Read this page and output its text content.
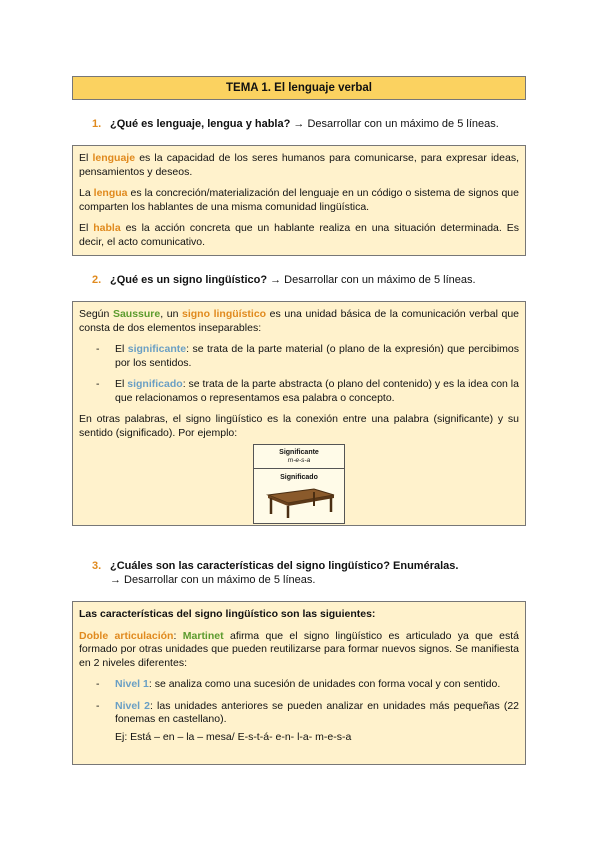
TEMA 1. El lenguaje verbal
1. ¿Qué es lenguaje, lengua y habla? → Desarrollar con un máximo de 5 líneas.

El lenguaje es la capacidad de los seres humanos para comunicarse, para expresar ideas, pensamientos y deseos.

La lengua es la concreción/materialización del lenguaje en un código o sistema de signos que comparten los hablantes de una misma comunidad lingüística.

El habla es la acción concreta que un hablante realiza en una situación determinada. Es decir, el acto comunicativo.

2. ¿Qué es un signo lingüístico? → Desarrollar con un máximo de 5 líneas.

Según Saussure, un signo lingüístico es una unidad básica de la comunicación verbal que consta de dos elementos inseparables:

- El significante: se trata de la parte material (o plano de la expresión) que percibimos por los sentidos.
- El significado: se trata de la parte abstracta (o plano del contenido) y es la idea con la que relacionamos o representamos esa palabra o concepto.

En otras palabras, el signo lingüístico es la conexión entre una palabra (significante) y su sentido (significado). Por ejemplo:

Significante
m-e-s-a
Significado
3. ¿Cuáles son las características del signo lingüístico? Enuméralas.
→ Desarrollar con un máximo de 5 líneas.

Las características del signo lingüístico son las siguientes:

Doble articulación: Martinet afirma que el signo lingüístico es articulado ya que está formado por otras unidades que pueden reutilizarse para formar nuevos signos. Se manifiesta en 2 niveles diferentes:

- Nivel 1: se analiza como una sucesión de unidades con forma vocal y con sentido.
- Nivel 2: las unidades anteriores se pueden analizar en unidades más pequeñas (22 fonemas en castellano).
Ej: Está – en – la – mesa/ E-s-t-á- e-n- l-a- m-e-s-a
